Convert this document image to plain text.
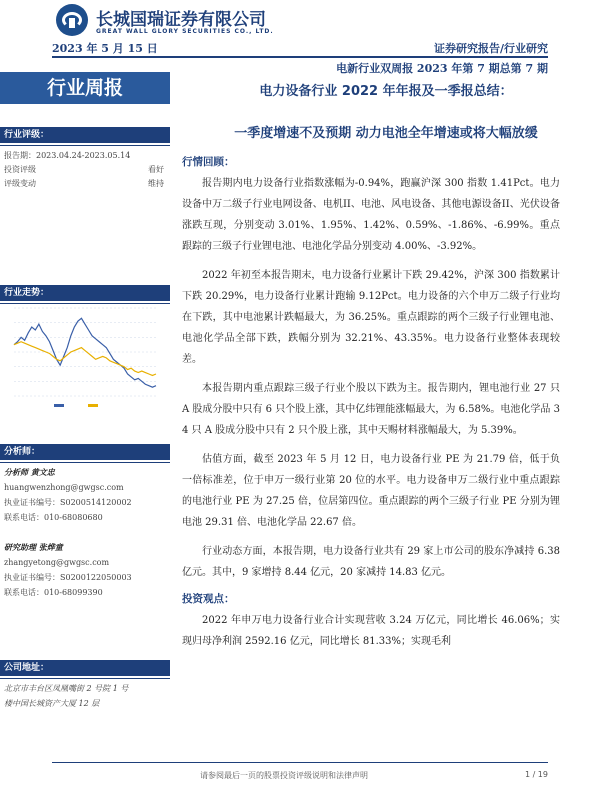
长城国瑞证券有限公司
GREAT WALL GLORY SECURITIES CO., LTD.
2023 年 5 月 15 日	证券研究报告/行业研究
电新行业双周报 2023 年第 7 期总第 7 期
行业周报	电力设备行业 2022 年年报及一季报总结：
一季度增速不及预期 动力电池全年增速或将大幅放缓
行业评级：
报告期：2023.04.24-2023.05.14
投资评级	看好
评级变动	维持
行业走势：
分析师：
分析师 黄文忠
huangwenzhong@gwgsc.com
执业证书编号：S0200514120002
联系电话：010-68080680
研究助理 张烨童
zhangyetong@gwgsc.com
执业证书编号：S0200122050003
联系电话：010-68099390
公司地址：
北京市丰台区凤凰嘴街 2 号院 1 号
楼中国长城资产大厦 12 层
行情回顾：
报告期内电力设备行业指数涨幅为-0.94%，跑赢沪深 300 指数 1.41Pct。电力设备中万二级子行业电网设备、电机II、电池、风电设备、其他电源设备II、光伏设备涨跌互现，分别变动 3.01%、1.95%、1.42%、0.59%、-1.86%、-6.99%。重点跟踪的三级子行业锂电池、电池化学品分别变动 4.00%、-3.92%。
2022 年初至本报告期末，电力设备行业累计下跌 29.42%，沪深 300 指数累计下跌 20.29%，电力设备行业累计跑输 9.12Pct。电力设备的六个申万二级子行业均在下跌，其中电池累计跌幅最大，为 36.25%。重点跟踪的两个三级子行业锂电池、电池化学品全部下跌，跌幅分别为 32.21%、43.35%。电力设备行业整体表现较差。
本报告期内重点跟踪三级子行业个股以下跌为主。报告期内，锂电池行业 27 只 A 股成分股中只有 6 只个股上涨，其中亿纬锂能涨幅最大，为 6.58%。电池化学品 34 只 A 股成分股中只有 2 只个股上涨，其中天赐材料涨幅最大，为 5.39%。
估值方面，截至 2023 年 5 月 12 日，电力设备行业 PE 为 21.79 倍，低于负一倍标准差，位于申万一级行业第 20 位的水平。电力设备申万二级行业中重点跟踪的电池行业 PE 为 27.25 倍，位居第四位。重点跟踪的两个三级子行业 PE 分别为锂电池 29.31 倍、电池化学品 22.67 倍。
行业动态方面，本报告期，电力设备行业共有 29 家上市公司的股东净减持 6.38 亿元。其中，9 家增持 8.44 亿元，20 家减持 14.83 亿元。
投资观点：
2022 年申万电力设备行业合计实现营收 3.24 万亿元，同比增长 46.06%；实现归母净利润 2592.16 亿元，同比增长 81.33%；实现毛利
请参阅最后一页的股票投资评级说明和法律声明	1 / 19
